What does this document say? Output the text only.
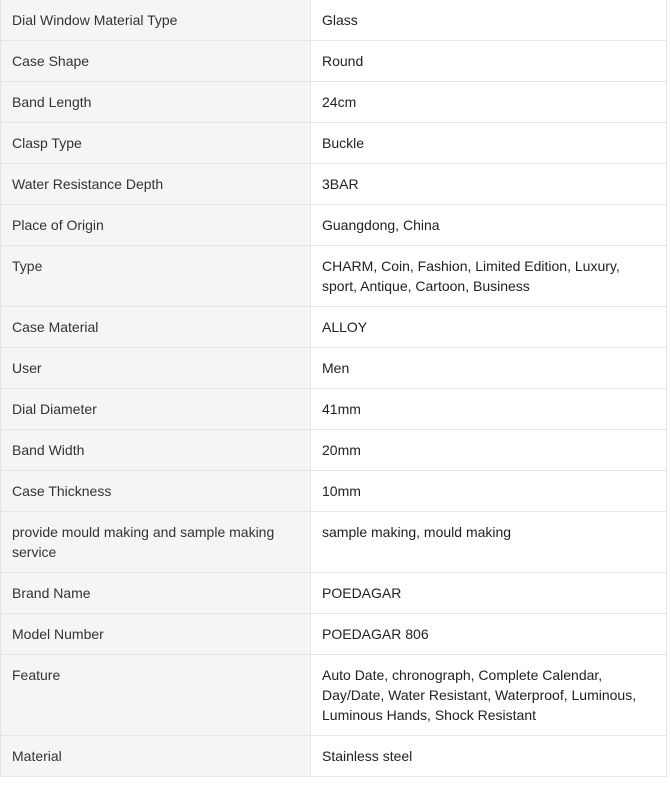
Dial Window Material Type	Glass
Case Shape	Round
Band Length	24cm
Clasp Type	Buckle
Water Resistance Depth	3BAR
Place of Origin	Guangdong, China
Type	CHARM, Coin, Fashion, Limited Edition, Luxury, sport, Antique, Cartoon, Business
Case Material	ALLOY
User	Men
Dial Diameter	41mm
Band Width	20mm
Case Thickness	10mm
provide mould making and sample making service	sample making, mould making
Brand Name	POEDAGAR
Model Number	POEDAGAR 806
Feature	Auto Date, chronograph, Complete Calendar, Day/Date, Water Resistant, Waterproof, Luminous, Luminous Hands, Shock Resistant
Material	Stainless steel
